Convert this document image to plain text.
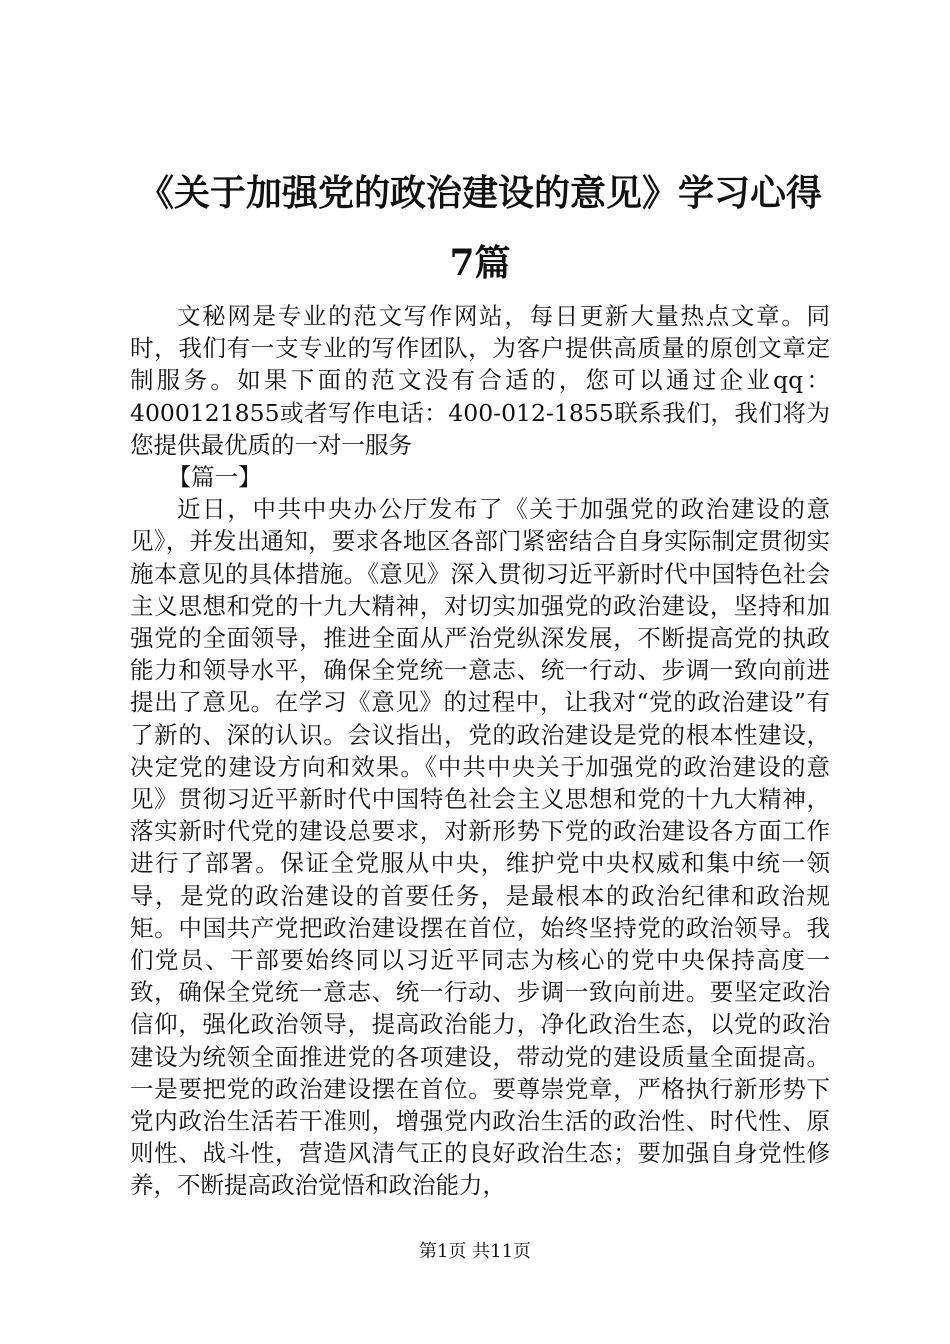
《关于加强党的政治建设的意见》学习心得7篇

文秘网是专业的范文写作网站，每日更新大量热点文章。同时，我们有一支专业的写作团队，为客户提供高质量的原创文章定制服务。如果下面的范文没有合适的，您可以通过企业qq：4000121855或者写作电话：400-012-1855联系我们，我们将为您提供最优质的一对一服务

【篇一】

近日，中共中央办公厅发布了《关于加强党的政治建设的意见》，并发出通知，要求各地区各部门紧密结合自身实际制定贯彻实施本意见的具体措施。《意见》深入贯彻习近平新时代中国特色社会主义思想和党的十九大精神，对切实加强党的政治建设，坚持和加强党的全面领导，推进全面从严治党纵深发展，不断提高党的执政能力和领导水平，确保全党统一意志、统一行动、步调一致向前进提出了意见。在学习《意见》的过程中，让我对“党的政治建设”有了新的、深的认识。会议指出，党的政治建设是党的根本性建设，决定党的建设方向和效果。《中共中央关于加强党的政治建设的意见》贯彻习近平新时代中国特色社会主义思想和党的十九大精神，落实新时代党的建设总要求，对新形势下党的政治建设各方面工作进行了部署。保证全党服从中央，维护党中央权威和集中统一领导，是党的政治建设的首要任务，是最根本的政治纪律和政治规矩。中国共产党把政治建设摆在首位，始终坚持党的政治领导。我们党员、干部要始终同以习近平同志为核心的党中央保持高度一致，确保全党统一意志、统一行动、步调一致向前进。要坚定政治信仰，强化政治领导，提高政治能力，净化政治生态，以党的政治建设为统领全面推进党的各项建设，带动党的建设质量全面提高。一是要把党的政治建设摆在首位。要尊崇党章，严格执行新形势下党内政治生活若干准则，增强党内政治生活的政治性、时代性、原则性、战斗性，营造风清气正的良好政治生态；要加强自身党性修养，不断提高政治觉悟和政治能力，

第1页 共11页
